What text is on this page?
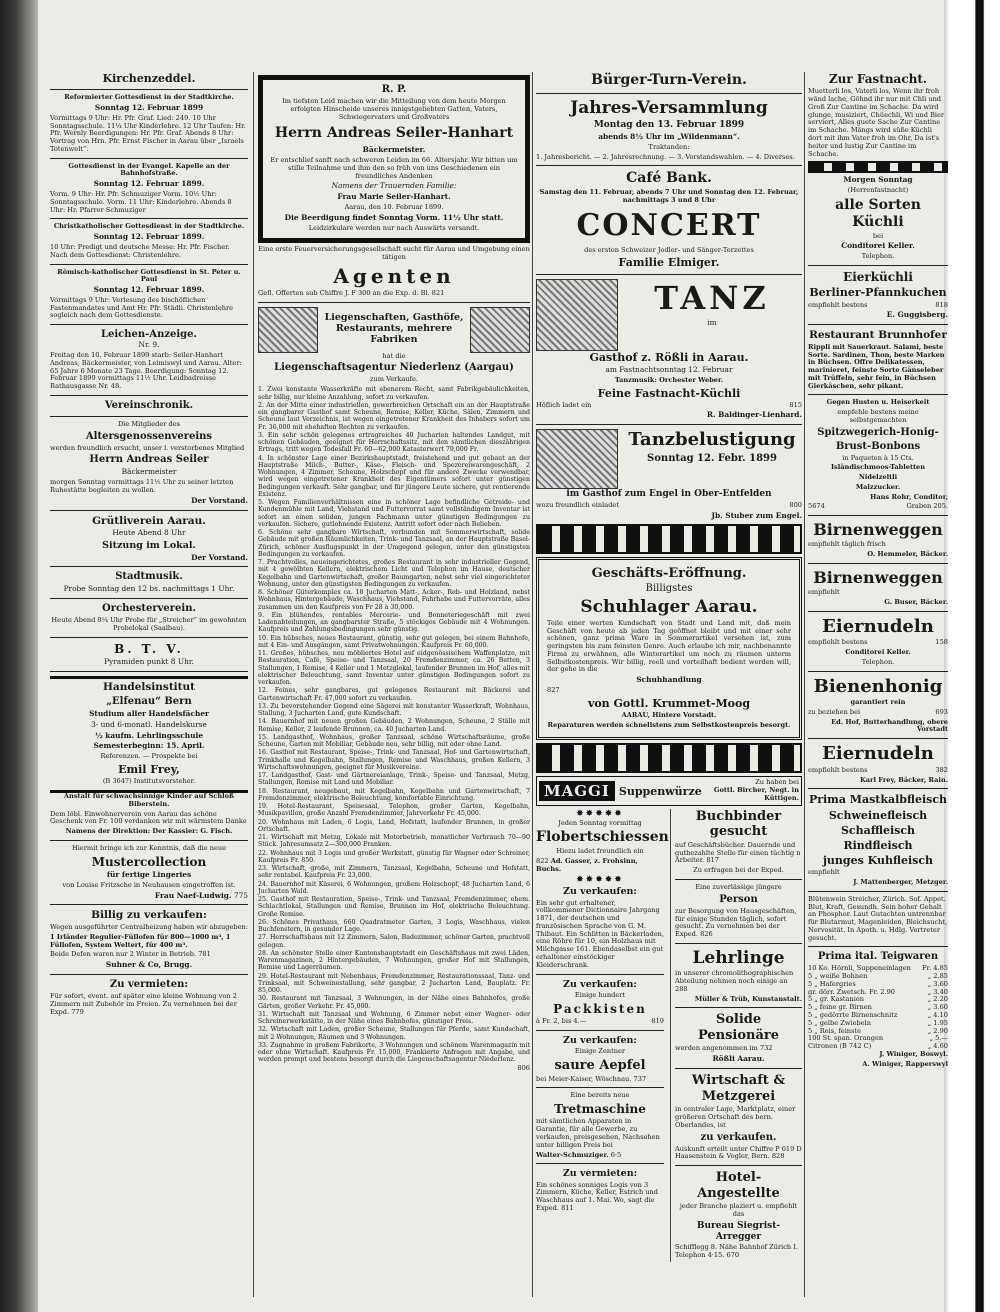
Kirchenzeddel.

Reformierter Gottesdienst in der Stadtkirche.

Sonntag 12. Februar 1899

Vormittags 9 Uhr: Hr. Pfr. Graf. Lied: 249. 10 Uhr Sonntagsschule. 11¼ Uhr Kinderlehre. 12 Uhr Taufen: Hr. Pfr. Wernly Beerdigungen: Hr. Pfr. Graf. Abends 8 Uhr: Vortrag von Hrn. Pfr. Ernst Fischer in Aarau über „Israels Totenwelt“.

Gottesdienst in der Evangel. Kapelle an der Bahnhofstraße.

Sonntag 12. Februar 1899.

Vorm. 9 Uhr: Hr. Pfr. Schmuziger Vorm. 10½ Uhr: Sonntagsschule. Vorm. 11 Uhr: Kinderlehre. Abends 8 Uhr: Hr. Pfarrer Schmuziger

Christkatholischer Gottesdienst in der Stadtkirche.

Sonntag 12. Februar 1899.

10 Uhr: Predigt und deutsche Messe: Hr. Pfr. Fischer. Nach dem Gottesdienst: Christenlehre.

Römisch-katholischer Gottesdienst in St. Peter u. Paul

Sonntag 12. Februar 1899.

Vormittags 9 Uhr: Verlesung des bischöflichen Fastenmandates und Amt Hr. Pfr. Städli. Christenlehre sogleich nach dem Gottesdienste.

Leichen-Anzeige.

Nr. 9.

Freitag den 10. Februar 1899 starb: Seiler-Hanhart Andreas, Bäckermeister, von Leimiswyl und Aarau. Alter: 65 Jahre 6 Monate 23 Tage. Beerdigung: Sonntag 12. Februar 1899 vormittags 11½ Uhr. Leidbadreisse Rathausgasse Nr. 48.

Vereinschronik.

Die Mitglieder des

Altersgenossenvereins

werden freundlich ersucht, unser l. verstorbenes Mitglied

Herrn Andreas Seiler

Bäckermeister

morgen Sonntag vormittags 11½ Uhr zu seiner letzten Ruhestätte begleiten zu wollen.

Der Vorstand.

Grütliverein Aarau.

Heute Abend 8 Uhr

Sitzung im Lokal.

Der Vorstand.

Stadtmusik.

Probe Sonntag den 12 bs. nachmittags 1 Uhr.

Orchesterverein.

Heute Abend 8¼ Uhr Probe für „Streicher“ im gewohnten Probelokal (Saalbau).

B. T. V.

Pyramiden punkt 8 Uhr.

Handelsinstitut

„Elfenau“ Bern

Studium aller Handelsfächer

3- und 6-monatl. Handelskurse

½ kaufm. Lehrlingsschule

Semesterbeginn: 15. April.

Referenzen. — Prospekte bei

Emil Frey,

(B 3647) Institutsvorsteher.

Anstalt für schwachsinnige Kinder auf Schloß Biberstein.

Dem löbl. Einwohnerverein von Aarau das schöne Geschenk von Fr. 100 verdanken wir mit wärmstem Danke

Namens der Direktion: Der Kassier: G. Fisch.

Hiermit bringe ich zur Kenntnis, daß die neue

Mustercollection

für fertige Lingeries

von Louise Fritzsche in Neuhausen eingetroffen ist.

Frau Naef-Ludwig. 775

Billig zu verkaufen:

Wegen ausgeführter Centralheizung haben wir abzugeben:

1 Irländer Regulier-Füllofen für 800—1000 m³, 1 Füllofen, System Weltert, für 400 m³.

Beide Defen waren nur 2 Winter in Betrieb. 781

Suhner & Co, Brugg.

Zu vermieten:

Für sofort, event. auf später eine kleine Wohnung von 2 Zimmern mit Zubehör im Freien. Zu vernehmen bei der Expd. 779

R. P.

Im tiefsten Leid machen wir die Mitteilung von dem heute Morgen erfolgten Hinscheide unseres innigstgeliebten Gatten, Vaters, Schwiegervaters und Großvaters

Herrn Andreas Seiler-Hanhart

Bäckermeister.

Er entschlief sanft nach schweren Leiden im 66. Altersjahr. Wir bitten um stille Teilnahme und ihm den so früh von uns Geschiedenen ein freundliches Andenken

Namens der Trauernden Familie:

Frau Marie Seiler-Hanhart.

Aarau, den 10. Februar 1899.

Die Beerdigung findet Sonntag Vorm. 11½ Uhr statt.

Leidzirkulare werden nur nach Auswärts versandt.

Eine erste Feuerversicherungsgesellschaft sucht für Aarau und Umgebung einen tätigen

Agenten

Gefl. Offerten sub Chiffre J. F 300 an die Exp. d. Bl. 821

Liegenschaften, Gasthöfe, Restaurants, mehrere Fabriken

hat die

Liegenschaftsagentur Niederlenz (Aargau)

zum Verkaufe.

1. Zwei konstante Wasserkräfte mit ebenerem Recht, samt Fabrikgebäulichkeiten, sehr billig, nur kleine Anzahlung, sofort zu verkaufen.

2. An der Mitte einer industriellen, gewerbreichen Ortschaft ein an der Hauptstraße ein gangbarer Gasthof samt Scheune, Remise, Keller, Küche, Sälen, Zimmern und Scheune laut Verzeichnis, ist wegen eingetretener Krankheit des Inhabers sofort um Fr. 36,000 mit ehehaften Rechten zu verkaufen.

3. Ein sehr schön gelegenes ertragreiches 40 Jucharten haltendes Landgut, mit schönen Gebäuden, geeignet für Herrschaftssitz, mit den sämtlichen dieszährigen Ertrags, tritt wegen Todesfall Fr. 60—62,000 Katasterwert 79,000 Fr.

4. In schönster Lage einer Bezirkshauptstadt, freistehend und gut gebaut an der Hauptstraße Milch-, Butter-, Käse-, Fleisch- und Spezereiwarengeschäft, 2 Wohnungen, 4 Zimmer, Scheune, Holzschopf und für andere Zwecke verwendbar, wird wegen eingetretener Krankheit des Eigentümers sofort unter günstigen Bedingungen verkauft. Sehr gangbar, und für jüngere Leute sichere, gut rentierende Existenz.

5. Wegen Familienverhältnissen eine in schöner Lage befindliche Getreide- und Kundenmühle mit Land, Viehstand und Futtervorrat samt vollständigem Inventar ist sofort an einen soliden, jungen Fachmann unter günstigen Bedingungen zu verkaufen. Sichere, gutlohnende Existenz. Antritt sofort oder nach Belieben.

6. Schöne sehr gangbare Wirtschaft, verbunden mit Sommerwirtschaft, solide Gebäude mit großen Räumlichkeiten, Trink- und Tanzsaal, an der Hauptstraße Basel-Zürich, schöner Ausflugspunkt in der Umgegend gelegen, unter den günstigsten Bedingungen zu verkaufen.

7. Prachtvolles, neueingerichtetes, großes Restaurant in sehr industrieller Gegend, mit 4 gewölbten Kellern, elektrischem Licht und Telephon im Hause, deutscher Kegelbahn und Gartenwirtschaft, großer Baumgarten, nebst sehr viel eingerichteter Wohnung, unter den günstigsten Bedingungen zu verkaufen.

8. Schöner Güterkomplex ca. 18 Jucharten Matt-, Acker-, Reb- und Holzland, nebst Wohnhaus, Hintergebäude, Waschhaus, Viehstand, Fahrhabe und Futtervorräte, alles zusammen um den Kaufpreis von Fr 28 à 30,000.

9. Ein blühendes, rentables Mercerie- und Bonneteriegeschäft mit zwei Ladenabteilungen, an gangbarster Straße, 5 stöckiges Gebäude mit 4 Wohnungen. Kaufpreis und Zahlungsbedingungen sehr günstig.

10. Ein hübsches, neues Restaurant, günstig, sehr gut gelegen, bei einem Bahnhofe, mit 4 Ein- und Ausgängen, samt Privatwohnungen. Kaufpreis Fr. 60,000.

11. Großes, hübsches, neu möbliertes Hotel auf eidgenössischem Waffenplatze, mit Restauration, Café, Speise- und Tanzsaal, 20 Fremdenzimmer, ca. 26 Betten, 3 Stallungen, 1 Remise, 4 Keller und 1 Metzglokal, laufender Brunnen im Hof, alles mit elektrischer Beleuchtung, samt Inventar unter günstigen Bedingungen sofort zu verkaufen.

12. Feines, sehr gangbares, gut gelegenes Restaurant mit Bäckerei und Gartenwirtschaft Fr. 47,000 sofort zu verkaufen.

13. Zu bevorstehender Gegend eine Sägerei mit konstanter Wasserkraft, Wohnhaus, Stallung, 3 Jucharten Land, gute Kundschaft.

14. Bauernhof mit neuen großen Gebäuden, 2 Wohnungen, Scheune, 2 Ställe mit Remise, Keller, 2 laufende Brunnen, ca. 40 Jucharten Land.

15. Landgasthof, Wohnhaus, großer Tanzsaal, schöne Wirtschaftsräume, große Scheune, Garten mit Mobiliar, Gebäude neu, sehr billig, mit oder ohne Land.

16. Gasthof mit Restaurant, Speise-, Trink- und Tanzsaal, Hof- und Gartenwirtschaft, Trinkhalle und Kegelbahn, Stallungen, Remise und Waschhaus, großen Kellern, 3 Wirtschaftswohnungen, geeignet für Musikvereine.

17. Landgasthof, Gast- und Gärtnereianlage, Trink-, Speise- und Tanzsaal, Metzg, Stallungen, Remise mit Land und Mobiliar.

18. Restaurant, neugebaut, mit Kegelbahn, Kegelbahn und Gartenwirtschaft, 7 Fremdenzimmer, elektrische Beleuchtung, komfortable Einrichtung.

19. Hotel-Restaurant, Speisesaal, Telephon, großer Garten, Kegelbahn, Musikpavillon, große Anzahl Fremdenzimmer, Jahrverkehr Fr. 45,000.

20. Wohnhaus mit Laden, 6 Logis, Land, Hofstatt, laufender Brunnen, in großer Ortschaft.

21. Wirtschaft mit Metzg, Lokale mit Motorbetrieb, monatlicher Verbrauch 70—90 Stück. Jahresumsatz 2—300,000 Franken.

22. Wohnhaus mit 3 Logis und großer Werkstatt, günstig für Wagner oder Schreiner, Kaufpreis Fr. 850.

23. Wirtschaft, große, mit Zimmern, Tanzsaal, Kegelbahn, Scheune und Hofstatt, sehr rentabel. Kaufpreis Fr. 23,000.

24. Bauernhof mit Käserei, 6 Wohnungen, großem Holzschopf, 48 Jucharten Land, 6 Jucharten Wald.

25. Gasthof mit Restauration, Speise-, Trink- und Tanzsaal, Fremdenzimmer, ehem. Schlachtlokal, Stallungen und Remise, Brunnen im Hof, elektrische Beleuchtung. Große Remise.

26. Schönes Privathaus, 660 Quadratmeter Garten, 3 Logis, Waschhaus, vielen Buchfenstern, in gesunder Lage.

27. Herrschaftshaus mit 12 Zimmern, Salon, Badezimmer, schöner Garten, prachtvoll gelegen.

28. An schönster Stelle einer Kantonshauptstadt ein Geschäftshaus mit zwei Läden, Warenmagazinen, 2 Hintergebäuden, 7 Wohnungen, großer Hof mit Stallungen, Remise und Lagerräumen.

29. Hotel-Restaurant mit Nebenhaus, Fremdenzimmer, Restaurationssaal, Tanz- und Trinksaal, mit Schweinestallung, sehr gangbar, 2 Jucharten Land, Bauplatz. Fr. 85,000.

30. Restaurant mit Tanzsaal, 3 Wohnungen, in der Nähe eines Bahnhofes, große Gärten, großer Verkehr. Fr. 45,000.

31. Wirtschaft mit Tanzsaal und Wohnung, 6 Zimmer nebst einer Wagner- oder Schreinerwerkstätte, in der Nähe eines Bahnhofes, günstiger Preis.

32. Wirtschaft mit Laden, großer Scheune, Stallungen für Pferde, samt Kundschaft, mit 2 Wohnungen, Räumen und 3 Wohnungen.

33. Zugnahme in großem Fabrikorte, 3 Wohnungen und schönem Warenmagazin mit oder ohne Wirtschaft. Kaufpreis Fr. 15,000, Frankierte Anfragen mit Angabe, und werden prompt und bestens besorgt durch die Liegenschaftsagentur Niederlenz.

806

Bürger-Turn-Verein.

Jahres-Versammlung

Montag den 13. Februar 1899

abends 8½ Uhr im „Wildenmann“.

Traktanden:

1. Jahresbericht. — 2. Jahresrechnung. — 3. Vorstandswahlen. — 4. Diverses.

Café Bank.

Samstag den 11. Februar, abends 7 Uhr und Sonntag den 12. Februar, nachmittags 3 und 8 Uhr

CONCERT

des ersten Schweizer Jodler- und Sänger-Terzettes

Familie Elmiger.

TANZ

im

Gasthof z. Rößli in Aarau.

am Fastnachtsonntag 12. Februar

Tanzmusik: Orchester Weber.

Feine Fastnacht-Küchli

Höflich ladet ein	815

R. Baldinger-Lienhard.

Tanzbelustigung

Sonntag 12. Febr. 1899

im Gasthof zum Engel in Ober-Entfelden

wozu freundlich einladet	800

Jb. Stuber zum Engel.

Geschäfts-Eröffnung.

Billigstes

Schuhlager Aarau.

Teile einer werten Kundschaft von Stadt und Land mit, daß mein Geschäft von heute ab jeden Tag geöffnet bleibt und mit einer sehr schönen, ganz prima Ware in Sommerartikel versehen ist, zum geringsten bis zum feinsten Genre. Auch erlaube ich mir, nachbenannte Firma zu erwähnen, alle Winterartikel um noch zu räumen unterm Selbstkostenpreis. Wir billig, reell und vorteilhaft bedient werden will, der gehe in die

Schuhhandlung

827

von Gottl. Krummet-Moog

AARAU, Hintere Vorstadt.

Reparaturen werden schnellstens zum Selbstkostenpreis besorgt.

MAGGI Suppenwürze

Zu haben bei
Gottl. Bircher, Negt. in Küttigen.
✸✸✸✸✸

Jeden Sonntag vormittag

Flobertschiessen

Hiezu ladet freundlich ein

822 Ad. Gasser, z. Frohsinn, Buchs.

✸✸✸✸✸

Zu verkaufen:

Ein sehr gut erhaltener, vollkommener Dictionnaire Jahrgang 1871, der deutschen und französischen Sprache von G. M. Thibaut. Ein Schlitten in Bäckerladen, eine Röhre für 10, ein Holzhaus mit Milchgasse 161. Ebendaselbst ein gut erhaltener einstöckiger Kleiderschrank.

Zu verkaufen:

Einige hundert

Packkisten

à Fr. 2, bis 4.—	819

Zu verkaufen:

Einige Zentner

saure Aepfel

bei Meier-Kaiser, Wöschnau. 737

Eine bereits neue

Tretmaschine

mit sämtlichen Apparaten in Garantie, für alle Gewerbe, zu verkaufen, preisgesehen, Nachsehen unter billigen Preis bei

Walter-Schmuziger. 6·5

Zu vermieten:

Ein schönes sonniges Logis von 3 Zimmern, Küche, Keller, Estrich und Waschhaus auf 1. Mai. Wo, sagt die Exped. 811

Buchbinder gesucht

auf Geschäftsbücher. Dauernde und gutbezahlte Stelle für einen tüchtig n Arbeiter. 817

Zu erfragen bei der Exped.

Eine zuverlässige jüngere

Person

zur Besorgung von Hausgeschäften, für einige Stunden täglich, sofort gesucht. Zu vernehmen bei der Exped. 826

Lehrlinge

in unserer chromolithographischen Abteilung nehmen noch einige an 288

Müller & Trüb, Kunstanstalt.

Solide Pensionäre

werden angenommen im 732

Rößli Aarau.

Wirtschaft & Metzgerei

in centraler Lage, Marktplatz, einer größeren Ortschaft des bern. Oberlandes, ist

zu verkaufen.

Auskunft erteilt unter Chiffre P 619 D Haasenstein & Vogler, Bern. 828

Hotel-Angestellte

jeder Branche plaziert u. empfiehlt das

Bureau Siegrist-Arregger

Schifflegg 8. Nähe Bahnhof Zürich I. Telephon 4·15. 670

Zur Fastnacht.

Muetterli los, Vaterli los, Wenn ihr froh wänd lache, Göhnd ihr nur mit Chli und Groß Zur Cantine im Schache. Da wird glunge, musiziert, Chüechli, Wi und Bier serviert, Alles guete Sache Zur Cantine im Schache. Mängs wird süße Küchli dort mit ihm Vater froh im Ohr, Da ist's heiter und lustig Zur Cantine im Schache.

Morgen Sonntag

(Herrenfastnacht)

alle Sorten Küchli

bei

Conditorei Keller.

Telephon.

Eierküchli

Berliner-Pfannkuchen

empfiehlt bestens	818

E. Guggisberg.

Restaurant Brunnhofer

Rippli mit Sauerkraut. Salami, beste Sorte. Sardinen, Thon, beste Marken in Büchsen. Offre Delikatessen, marinieret, feinste Sorte Gänseleber mit Trüffeln, sehr fein, in Büchsen Gierkäschen, sehr pikant.

Gegen Husten u. Heiserkeit

empfehle bestens meine selbstgemachten

Spitzwegerich-Honig-

Brust-Bonbons

in Paqueten à 15 Cts.

Isländischmoos-Tabletten

Nidelzeltli

Malzzucker.

Hans Rohr, Conditor,

5674	Graben 205.

Birnenweggen

empfiehlt täglich frisch

O. Hemmeler, Bäcker.

Birnenweggen

empfiehlt

G. Buser, Bäcker.

Eiernudeln

empfiehlt bestens	158

Conditorei Keller.

Telephon.

Bienenhonig

garantiert rein

zu beziehen bei	693

Ed. Hof, Butterhandlung, obere Vorstadt

Eiernudeln

empfiehlt bestens	382

Karl Frey, Bäcker, Rain.

Prima Mastkalbfleisch

Schweinefleisch

Schaffleisch

Rindfleisch

junges Kuhfleisch

empfiehlt

J. Mattenberger, Metzger.

Blütenwein Streicher, Zürich. Sof. Appet. Blut, Kraft, Gesundh. Sein hoher Gehalt an Phosphor. Laut Gutachten untrennbar für Blutarmut, Magenleiden, Bleichsucht, Nervosität. In Apoth. u. Hdlg. Vertreter gesucht.

Prima ital. Teigwaren

10 Ko. Hörnli, Suppeneinlagen Fr. 4.85
5 „ weiße Bohnen	„ 2.85
5 „ Hafergries	„ 3.60
gr. dörr. Zwetsch. Fr. 2.90	„ 3.40
5 „ gr. Kastanien	„ 2.20
5 „ feine gr. Birnen	„ 3.60
5 „ gedörrte Birnenschnitz	„ 4.10
5 „ gelbe Zwiebeln	„ 1.95
5 „ Reis, feinste	„ 2.90
100 St. span. Orangen	„ 5.—
Citronen (B 742 C)	„ 4.60

J. Winiger, Boswyl.

A. Winiger, Rapperswyl
